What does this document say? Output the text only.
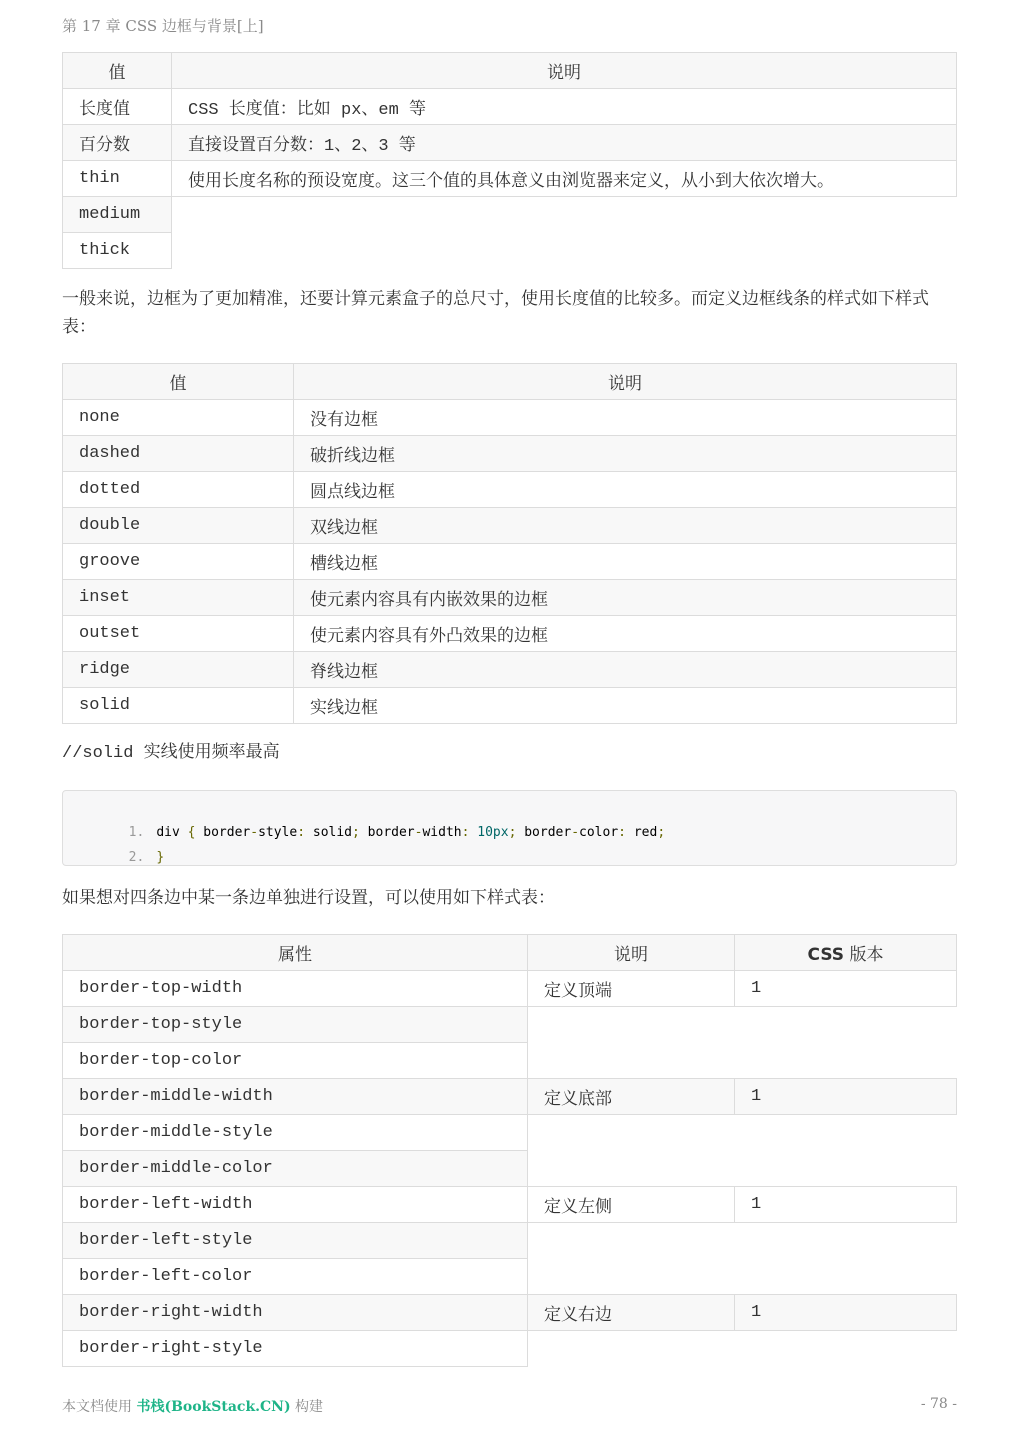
第 17 章 CSS 边框与背景[上]
值	说明
长度值	CSS 长度值：比如 px、em 等
百分数	直接设置百分数：1、2、3 等
thin	使用长度名称的预设宽度。这三个值的具体意义由浏览器来定义，从小到大依次增大。
medium	
thick	

一般来说，边框为了更加精准，还要计算元素盒子的总尺寸，使用长度值的比较多。而定义边框线条的样式如下样式表：

值	说明
none	没有边框
dashed	破折线边框
dotted	圆点线边框
double	双线边框
groove	槽线边框
inset	使元素内容具有内嵌效果的边框
outset	使元素内容具有外凸效果的边框
ridge	脊线边框
solid	实线边框

//solid 实线使用频率最高

1. div { border-style: solid; border-width: 10px; border-color: red;

2. }

如果想对四条边中某一条边单独进行设置，可以使用如下样式表：

属性	说明	CSS 版本
border-top-width	定义顶端	1
border-top-style		
border-top-color		
border-middle-width	定义底部	1
border-middle-style		
border-middle-color		
border-left-width	定义左侧	1
border-left-style		
border-left-color		
border-right-width	定义右边	1
border-right-style		
本文档使用 书栈(BookStack.CN) 构建	- 78 -
